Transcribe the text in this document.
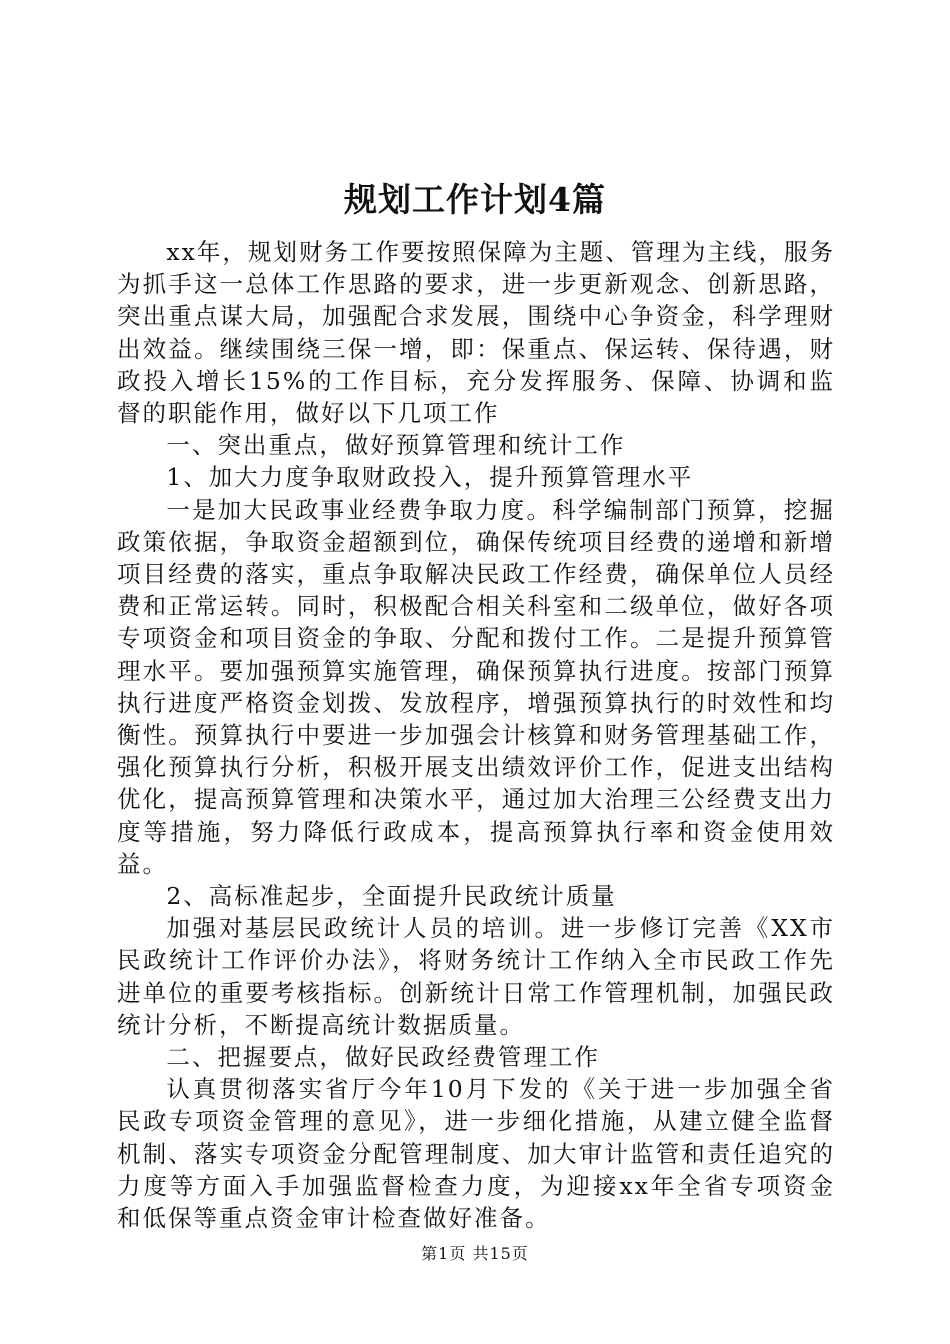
规划工作计划4篇

xx年，规划财务工作要按照保障为主题、管理为主线，服务为抓手这一总体工作思路的要求，进一步更新观念、创新思路，突出重点谋大局，加强配合求发展，围绕中心争资金，科学理财出效益。继续围绕三保一增，即：保重点、保运转、保待遇，财政投入增长15%的工作目标，充分发挥服务、保障、协调和监督的职能作用，做好以下几项工作

一、突出重点，做好预算管理和统计工作

1、加大力度争取财政投入，提升预算管理水平

一是加大民政事业经费争取力度。科学编制部门预算，挖掘政策依据，争取资金超额到位，确保传统项目经费的递增和新增项目经费的落实，重点争取解决民政工作经费，确保单位人员经费和正常运转。同时，积极配合相关科室和二级单位，做好各项专项资金和项目资金的争取、分配和拨付工作。二是提升预算管理水平。要加强预算实施管理，确保预算执行进度。按部门预算执行进度严格资金划拨、发放程序，增强预算执行的时效性和均衡性。预算执行中要进一步加强会计核算和财务管理基础工作，强化预算执行分析，积极开展支出绩效评价工作，促进支出结构优化，提高预算管理和决策水平，通过加大治理三公经费支出力度等措施，努力降低行政成本，提高预算执行率和资金使用效益。

2、高标准起步，全面提升民政统计质量

加强对基层民政统计人员的培训。进一步修订完善《XX市民政统计工作评价办法》，将财务统计工作纳入全市民政工作先进单位的重要考核指标。创新统计日常工作管理机制，加强民政统计分析，不断提高统计数据质量。

二、把握要点，做好民政经费管理工作

认真贯彻落实省厅今年10月下发的《关于进一步加强全省民政专项资金管理的意见》，进一步细化措施，从建立健全监督机制、落实专项资金分配管理制度、加大审计监管和责任追究的力度等方面入手加强监督检查力度，为迎接xx年全省专项资金和低保等重点资金审计检查做好准备。

第1页 共15页
